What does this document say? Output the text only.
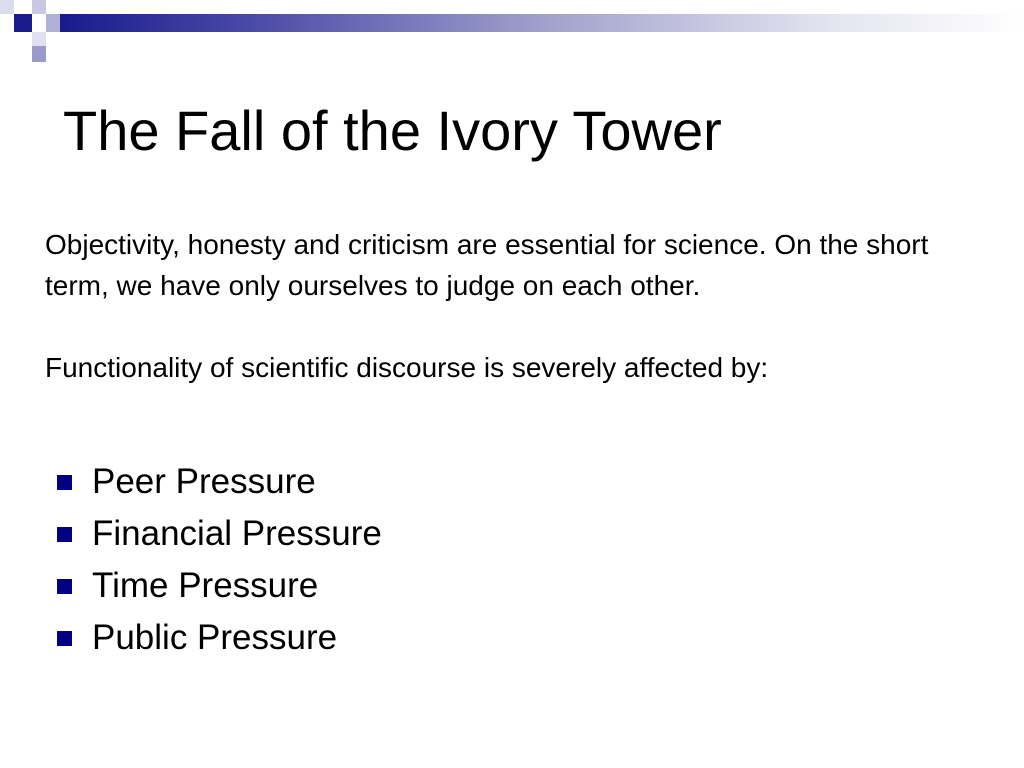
The Fall of the Ivory Tower

Objectivity, honesty and criticism are essential for science. On the short term, we have only ourselves to judge on each other.

Functionality of scientific discourse is severely affected by:

Peer Pressure
Financial Pressure
Time Pressure
Public Pressure
